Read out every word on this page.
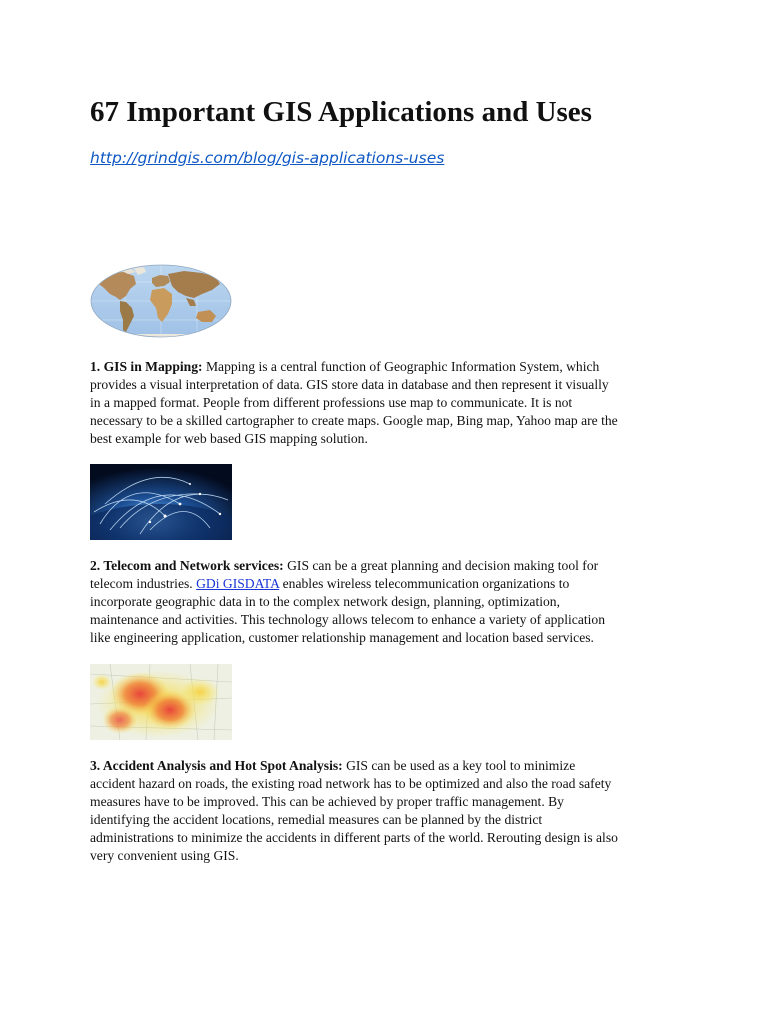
67 Important GIS Applications and Uses
http://grindgis.com/blog/gis-applications-uses

1. GIS in Mapping: Mapping is a central function of Geographic Information System, which
provides a visual interpretation of data. GIS store data in database and then represent it visually
in a mapped format. People from different professions use map to communicate. It is not
necessary to be a skilled cartographer to create maps. Google map, Bing map, Yahoo map are the
best example for web based GIS mapping solution.

2. Telecom and Network services: GIS can be a great planning and decision making tool for
telecom industries. GDi GISDATA enables wireless telecommunication organizations to
incorporate geographic data in to the complex network design, planning, optimization,
maintenance and activities. This technology allows telecom to enhance a variety of application
like engineering application, customer relationship management and location based services.

3. Accident Analysis and Hot Spot Analysis: GIS can be used as a key tool to minimize
accident hazard on roads, the existing road network has to be optimized and also the road safety
measures have to be improved. This can be achieved by proper traffic management. By
identifying the accident locations, remedial measures can be planned by the district
administrations to minimize the accidents in different parts of the world. Rerouting design is also
very convenient using GIS.
